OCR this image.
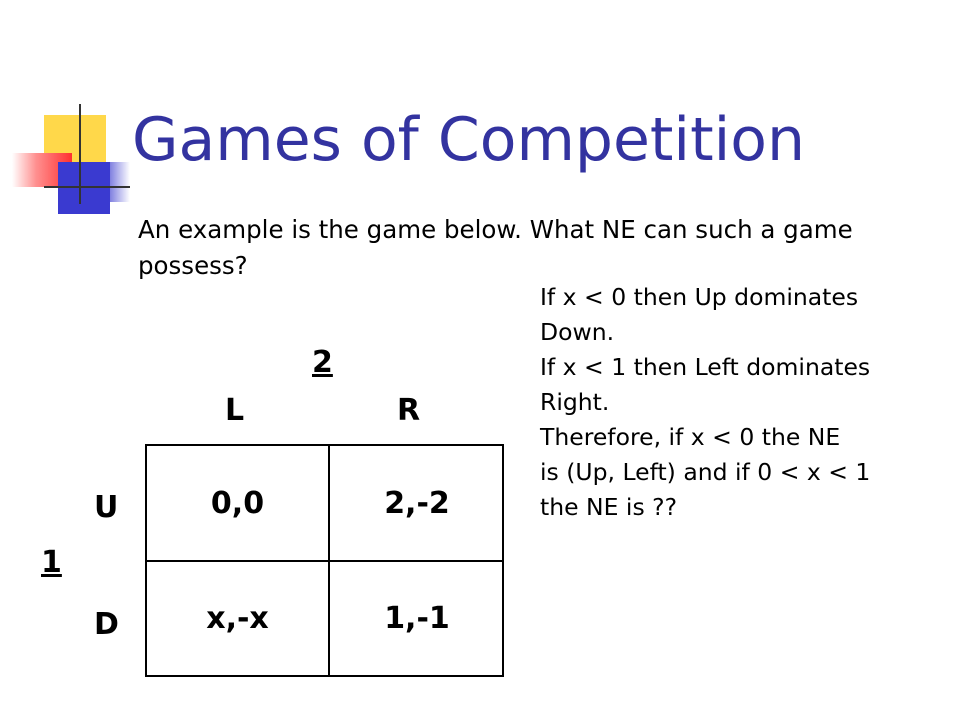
Games of Competition

An example is the game below. What NE can such a game possess?

If x < 0 then Up dominates
Down.
If x < 1 then Left dominates
Right.
Therefore, if x < 0 the NE
is (Up, Left) and if 0 < x < 1
the NE is ??
2
L	R
U
D
1
0,0	2,-2
x,-x	1,-1
